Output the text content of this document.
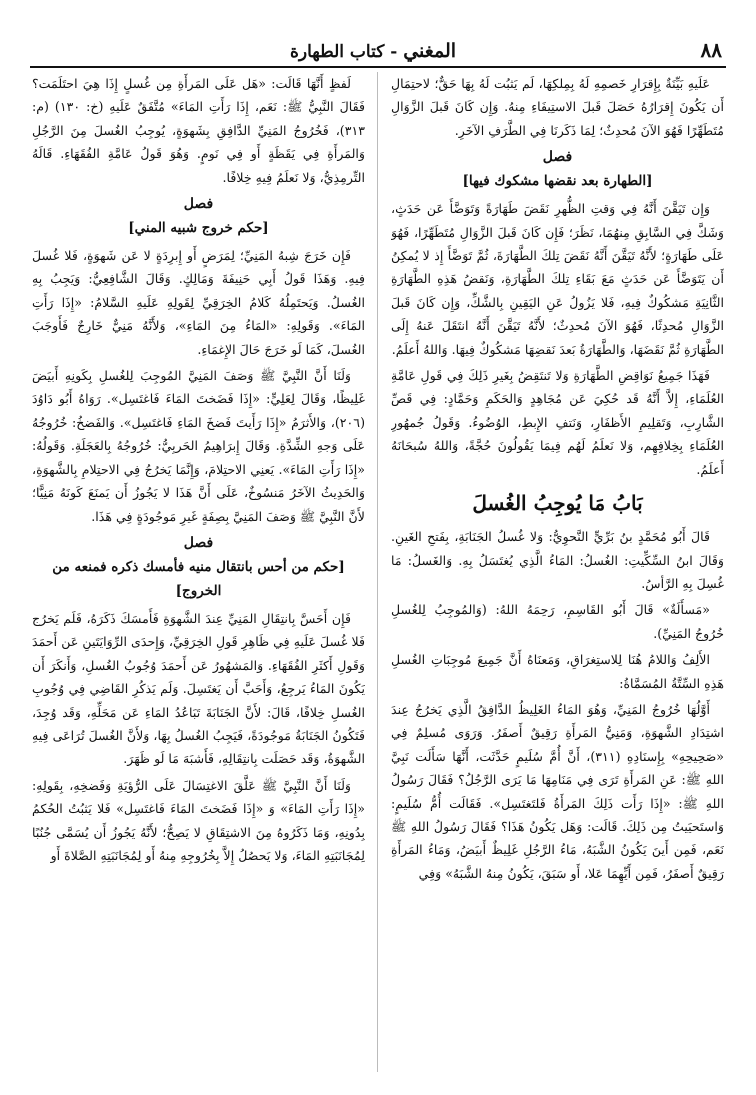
٨٨
المغني - كتاب الطهارة

عَلَيهِ بَيِّنَةٌ بِإِقرَارِ خَصمِهِ لَهُ بِمِلكِهَا، لَم يَثبُت لَهُ بِهَا حَقٌّ؛ لاحتِمَالِ أَن يَكُونَ إِقرَارُهُ حَصَلَ قَبلَ الاستِيفَاءِ مِنهُ. وَإِن كَانَ قَبلَ الزَّوَالِ مُتَطَهِّرًا فَهُوَ الآنَ مُحدِثٌ؛ لِمَا ذَكَرنَا فِي الطَّرَفِ الآخَرِ.

فصل
[الطهارة بعد نقضها مشكوك فيها]

وَإِن تَيَقَّنَ أَنَّهُ فِي وَقتِ الظُّهرِ نَقَضَ طَهَارَةً وَتَوَضَّأَ عَن حَدَثٍ، وَشَكَّ فِي السَّابِقِ مِنهُمَا، نَظَرَ؛ فَإِن كَانَ قَبلَ الزَّوَالِ مُتَطَهِّرًا، فَهُوَ عَلَى طَهَارَةٍ؛ لأَنَّهُ تَيَقَّنَ أَنَّهُ نَقَضَ تِلكَ الطَّهَارَةَ، ثُمَّ تَوَضَّأَ إِذ لا يُمكِنُ أَن يَتَوَضَّأَ عَن حَدَثٍ مَعَ بَقَاءِ تِلكَ الطَّهَارَةِ، وَنَقضُ هَذِهِ الطَّهَارَةِ الثَّانِيَةِ مَشكُوكٌ فِيهِ، فَلا يَزُولُ عَنِ اليَقِينِ بِالشَّكِّ، وَإِن كَانَ قَبلَ الزَّوَالِ مُحدِثًا، فَهُوَ الآنَ مُحدِثٌ؛ لأَنَّهُ تَيَقَّنَ أَنَّهُ انتَقَلَ عَنهُ إِلَى الطَّهَارَةِ ثُمَّ نَقَضَهَا، وَالطَّهَارَةُ بَعدَ نَقضِهَا مَشكُوكٌ فِيهَا. وَاللهُ أَعلَمُ.

فَهَذَا جَمِيعُ نَوَاقِضِ الطَّهَارَةِ وَلا تَنتَقِضُ بِغَيرِ ذَلِكَ فِي قَولِ عَامَّةِ العُلَمَاءِ، إِلاَّ أَنَّهُ قَد حُكِيَ عَن مُجَاهِدٍ وَالحَكَمِ وَحَمَّادٍ: فِي قَصِّ الشَّارِبِ، وَتَقلِيمِ الأَظفَارِ، وَنَتفِ الإِبطِ، الوُضُوءُ. وَقَولُ جُمهُورِ العُلَمَاءِ بِخِلافِهِم، وَلا نَعلَمُ لَهُم فِيمَا يَقُولُونَ حُجَّةً، وَاللهُ سُبحَانَهُ أَعلَمُ.

بَابُ مَا يُوجِبُ الغُسلَ

قَالَ أَبُو مُحَمَّدٍ بنُ بَرِّيٍّ النَّحوِيُّ: وَلا غُسلُ الجَنَابَةِ، بِفَتحِ الغَينِ. وَقَالَ ابنُ السِّكِّيتِ: الغُسلُ: المَاءُ الَّذِي يُغتَسَلُ بِهِ. وَالغَسلُ: مَا غُسِلَ بِهِ الرَّأسُ.

«مَسأَلَةٌ» قَالَ أَبُو القَاسِمِ، رَحِمَهُ اللهُ: (وَالمُوجِبُ لِلغُسلِ خُرُوجُ المَنِيِّ).

الأَلِفُ وَاللامُ هُنَا لِلاستِغرَاقِ، وَمَعنَاهُ أَنَّ جَمِيعَ مُوجِبَاتِ الغُسلِ هَذِهِ السِّتَّةُ المُسَمَّاةُ:

أَوَّلُهَا خُرُوجُ المَنِيِّ، وَهُوَ المَاءُ الغَلِيظُ الدَّافِقُ الَّذِي يَخرُجُ عِندَ اشتِدَادِ الشَّهوَةِ، وَمَنِيُّ المَرأَةِ رَقِيقٌ أَصفَرُ. وَرَوَى مُسلِمٌ فِي «صَحِيحِهِ» بِإِسنَادِهِ (٣١١)، أَنَّ أُمَّ سُلَيمٍ حَدَّثَت، أَنَّهَا سَأَلَت نَبِيَّ اللهِ ﷺ: عَنِ المَرأَةِ تَرَى فِي مَنَامِهَا مَا يَرَى الرَّجُلُ؟ فَقَالَ رَسُولُ اللهِ ﷺ: «إِذَا رَأَت ذَلِكَ المَرأَةُ فَلتَغتَسِل». فَقَالَت أُمُّ سُلَيمٍ: وَاستَحيَيتُ مِن ذَلِكَ. قَالَت: وَهَل يَكُونُ هَذَا؟ فَقَالَ رَسُولُ اللهِ ﷺ نَعَم، فَمِن أَينَ يَكُونُ الشَّبَهُ، مَاءُ الرَّجُلِ غَلِيظٌ أَبيَضُ، وَمَاءُ المَرأَةِ رَقِيقٌ أَصفَرُ، فَمِن أَيِّهِمَا عَلا، أَو سَبَقَ، يَكُونُ مِنهُ الشَّبَهُ» وَفِي

لَفظٍ أَنَّهَا قَالَت: «هَل عَلَى المَرأَةِ مِن غُسلٍ إِذَا هِيَ احتَلَمَت؟ فَقَالَ النَّبِيُّ ﷺ: نَعَم، إِذَا رَأَتِ المَاءَ» مُتَّفَقٌ عَلَيهِ (خ: ١٣٠) (م: ٣١٣)، فَخُرُوجُ المَنِيِّ الدَّافِقِ بِشَهوَةٍ، يُوجِبُ الغُسلَ مِنَ الرَّجُلِ وَالمَرأَةِ فِي يَقَظَةٍ أَو فِي نَومٍ. وَهُوَ قَولُ عَامَّةِ الفُقَهَاءِ. قَالَهُ التِّرمِذِيُّ، وَلا نَعلَمُ فِيهِ خِلافًا.

فصل
[حكم خروج شبيه المني]

فَإِن خَرَجَ شِبهُ المَنِيِّ؛ لِمَرَضٍ أَو إِبرِدَةٍ لا عَن شَهوَةٍ، فَلا غُسلَ فِيهِ. وَهَذَا قَولُ أَبِي حَنِيفَةَ وَمَالِكٍ. وَقَالَ الشَّافِعِيُّ: وَيَجِبُ بِهِ الغُسلُ. وَيَحتَمِلُهُ كَلامُ الخِرَقِيِّ لِقَولِهِ عَلَيهِ السَّلامُ: «إِذَا رَأَتِ المَاءَ». وَقَولِهِ: «المَاءُ مِنَ المَاءِ»، وَلأَنَّهُ مَنِيٌّ خَارِجٌ فَأَوجَبَ الغُسلَ، كَمَا لَو خَرَجَ حَالَ الإِغمَاءِ.

وَلَنَا أَنَّ النَّبِيَّ ﷺ وَصَفَ المَنِيَّ المُوجِبَ لِلغُسلِ بِكَونِهِ أَبيَضَ غَلِيظًا، وَقَالَ لِعَلِيٍّ: «إِذَا فَضَختَ المَاءَ فَاغتَسِل». رَوَاهُ أَبُو دَاوُدَ (٢٠٦)، وَالأَثرَمُ «إِذَا رَأَيتَ فَضخَ المَاءِ فَاغتَسِل». وَالفَضخُ: خُرُوجُهُ عَلَى وَجهِ الشِّدَّةِ. وَقَالَ إِبرَاهِيمُ الحَربِيُّ: خُرُوجُهُ بِالعَجَلَةِ. وَقَولُهُ: «إِذَا رَأَتِ المَاءَ». يَعنِي الاحتِلامَ، وَإِنَّمَا يَخرُجُ فِي الاحتِلامِ بِالشَّهوَةِ، وَالحَدِيثُ الآخَرُ مَنسُوخٌ، عَلَى أَنَّ هَذَا لا يَجُوزُ أَن يَمنَعَ كَونَهُ مَنِيًّا؛ لأَنَّ النَّبِيَّ ﷺ وَصَفَ المَنِيَّ بِصِفَةٍ غَيرِ مَوجُودَةٍ فِي هَذَا.

فصل
[حكم من أحس بانتقال منيه فأمسك ذكره فمنعه من الخروج]

فَإِن أَحَسَّ بِانتِقَالِ المَنِيِّ عِندَ الشَّهوَةِ فَأَمسَكَ ذَكَرَهُ، فَلَم يَخرُج فَلا غُسلَ عَلَيهِ فِي ظَاهِرِ قَولِ الخِرَقِيِّ، وَإِحدَى الرِّوَايَتَينِ عَن أَحمَدَ وَقَولِ أَكثَرِ الفُقَهَاءِ. وَالمَشهُورُ عَن أَحمَدَ وُجُوبُ الغُسلِ، وَأَنكَرَ أَن يَكُونَ المَاءُ يَرجِعُ، وَأَحَبَّ أَن يَغتَسِلَ. وَلَم يَذكُرِ القَاضِي فِي وُجُوبِ الغُسلِ خِلافًا، قَالَ: لأَنَّ الجَنَابَةَ تَبَاعُدُ المَاءِ عَن مَحَلِّهِ، وَقَد وُجِدَ، فَتَكُونُ الجَنَابَةُ مَوجُودَةً، فَيَجِبُ الغُسلُ بِهَا، وَلأَنَّ الغُسلَ تُرَاعَى فِيهِ الشَّهوَةُ، وَقَد حَصَلَت بِانتِقَالِهِ، فَأَشبَهَ مَا لَو ظَهَرَ.

وَلَنَا أَنَّ النَّبِيَّ ﷺ عَلَّقَ الاغتِسَالَ عَلَى الرُّؤيَةِ وَفَضخِهِ، بِقَولِهِ: «إِذَا رَأَتِ المَاءَ» وَ «إِذَا فَضَختَ المَاءَ فَاغتَسِل» فَلا يَثبُتُ الحُكمُ بِدُونِهِ، وَمَا ذَكَرُوهُ مِنَ الاشتِقَاقِ لا يَصِحُّ؛ لأَنَّهُ يَجُوزُ أَن يُسَمَّى جُنُبًا لِمُجَانَبَتِهِ المَاءَ، وَلا يَحصُلُ إِلاَّ بِخُرُوجِهِ مِنهُ أَو لِمُجَانَبَتِهِ الصَّلاةَ أَو
